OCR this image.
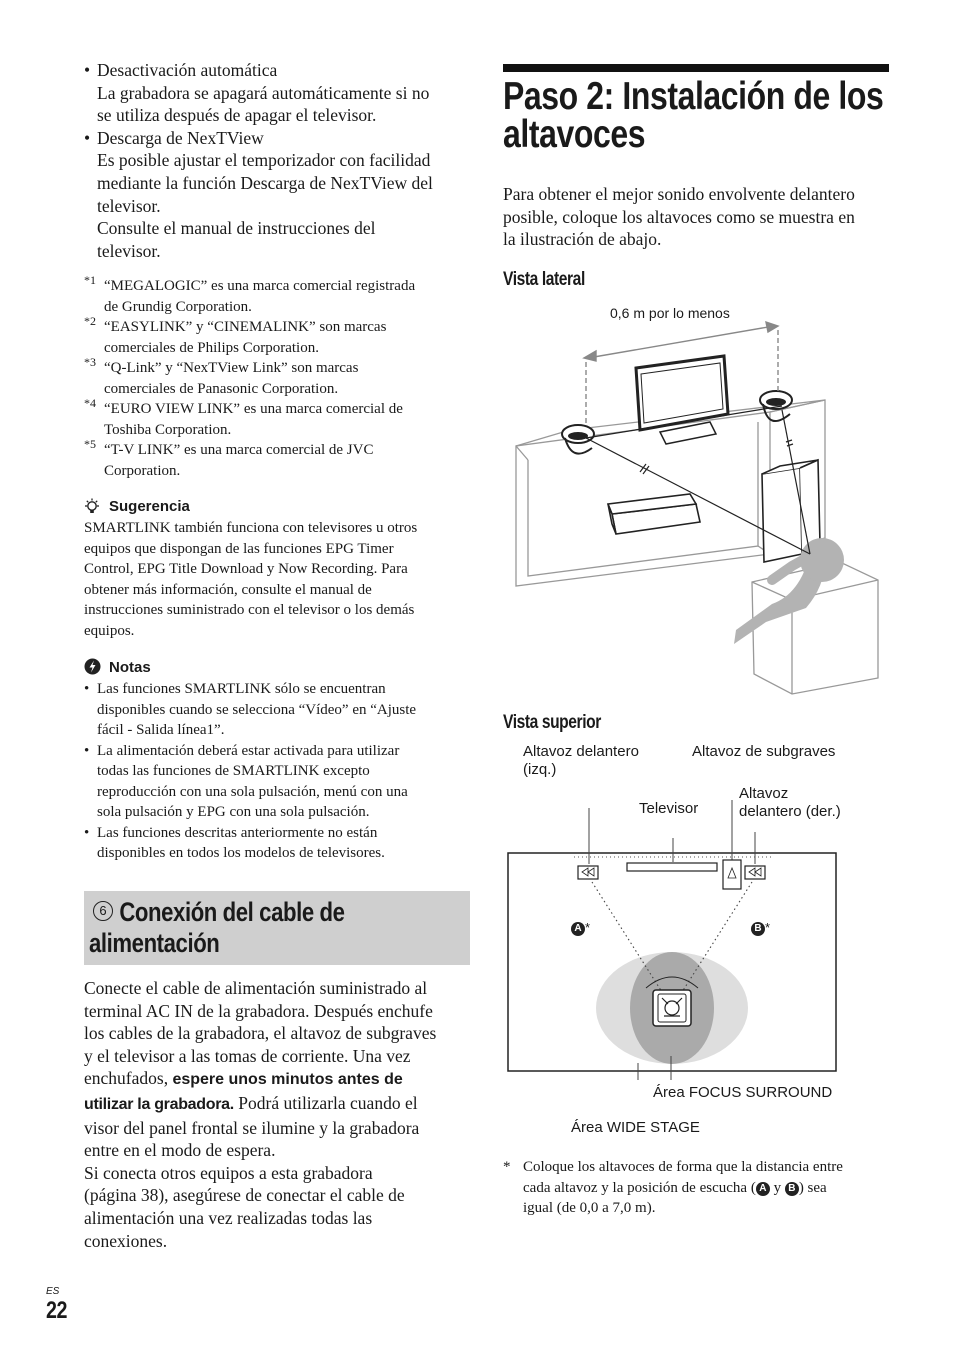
• Desactivación automática
La grabadora se apagará automáticamente si no
se utiliza después de apagar el televisor.
• Descarga de NexTView
Es posible ajustar el temporizador con facilidad
mediante la función Descarga de NexTView del
televisor.
Consulte el manual de instrucciones del
televisor.
*1 “MEGALOGIC” es una marca comercial registrada
de Grundig Corporation.
*2 “EASYLINK” y “CINEMALINK” son marcas
comerciales de Philips Corporation.
*3 “Q-Link” y “NexTView Link” son marcas
comerciales de Panasonic Corporation.
*4 “EURO VIEW LINK” es una marca comercial de
Toshiba Corporation.
*5 “T-V LINK” es una marca comercial de JVC
Corporation.
Sugerencia
SMARTLINK también funciona con televisores u otros
equipos que dispongan de las funciones EPG Timer
Control, EPG Title Download y Now Recording. Para
obtener más información, consulte el manual de
instrucciones suministrado con el televisor o los demás
equipos.
Notas
• Las funciones SMARTLINK sólo se encuentran
disponibles cuando se selecciona “Vídeo” en “Ajuste
fácil - Salida línea1”.
• La alimentación deberá estar activada para utilizar
todas las funciones de SMARTLINK excepto
reproducción con una sola pulsación, menú con una
sola pulsación y EPG con una sola pulsación.
• Las funciones descritas anteriormente no están
disponibles en todos los modelos de televisores.
6 Conexión del cable de
alimentación
Conecte el cable de alimentación suministrado al
terminal AC IN de la grabadora. Después enchufe
los cables de la grabadora, el altavoz de subgraves
y el televisor a las tomas de corriente. Una vez
enchufados, espere unos minutos antes de
utilizar la grabadora. Podrá utilizarla cuando el
visor del panel frontal se ilumine y la grabadora
entre en el modo de espera.
Si conecta otros equipos a esta grabadora
(página 38), asegúrese de conectar el cable de
alimentación una vez realizadas todas las
conexiones.
ES
22
Paso 2: Instalación de los
altavoces
Para obtener el mejor sonido envolvente delantero
posible, coloque los altavoces como se muestra en
la ilustración de abajo.
Vista lateral
0,6 m por lo menos
Vista superior
Altavoz delantero
(izq.)
Altavoz de subgraves
Televisor
Altavoz
delantero (der.)
A *	B *
Área FOCUS SURROUND
Área WIDE STAGE
* Coloque los altavoces de forma que la distancia entre
cada altavoz y la posición de escucha ( A y B ) sea
igual (de 0,0 a 7,0 m).
